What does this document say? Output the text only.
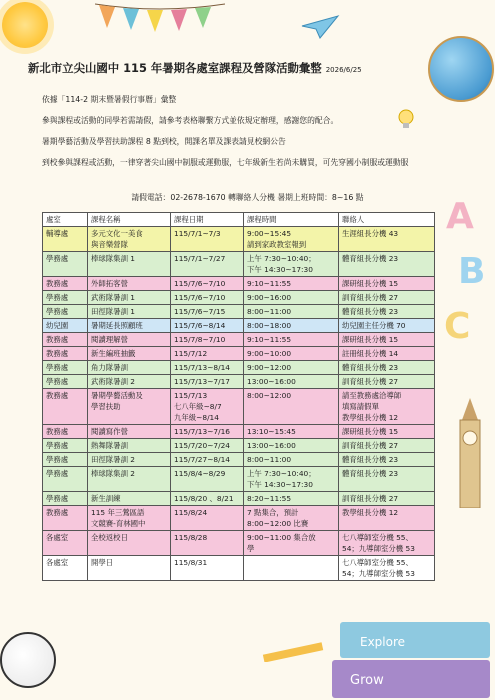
A
B
C
Explore
Grow
新北市立尖山國中 115 年暑期各處室課程及營隊活動彙整 2026/6/25
依據「114-2 期末暨暑假行事曆」彙整
參與課程或活動的同學若需請假，請參考表格聯繫方式並依規定辦理，感謝您的配合。
暑期學藝活動及學習扶助課程 8 點到校，開課名單及課表請見校網公告
到校參與課程或活動，一律穿著尖山國中制服或運動服，七年級新生若尚未購買，可先穿國小制服或運動服
請假電話：02-2678-1670 轉聯絡人分機 暑期上班時間：8~16 點
處室	課程名稱	課程日期	課程時間	聯絡人

輔導處	多元文化一美食
與音樂營隊	115/7/1~7/3	9:00~15:45
請到家政教室報到	生涯組長分機 43

學務處	棒球隊集訓 1	115/7/1~7/27	上午 7:30~10:40；
下午 14:30~17:30	體育組長分機 23

教務處	外師拓客營	115/7/6~7/10	9:10~11:55	課研組長分機 15

學務處	武術隊暑訓 1	115/7/6~7/10	9:00~16:00	訓育組長分機 27

學務處	田徑隊暑訓 1	115/7/6~7/15	8:00~11:00	體育組長分機 23

幼兒園	暑期延長照顧班	115/7/6~8/14	8:00~18:00	幼兒園主任分機 70

教務處	閱讀理解營	115/7/8~7/10	9:10~11:55	課研組長分機 15

教務處	新生編班抽籤	115/7/12	9:00~10:00	註冊組長分機 14

學務處	角力隊暑訓	115/7/13~8/14	9:00~12:00	體育組長分機 23

學務處	武術隊暑訓 2	115/7/13~7/17	13:00~16:00	訓育組長分機 27

教務處	暑期學藝活動及
學習扶助	115/7/13
七八年級~8/7
九年級~8/14	8:00~12:00	請至教務處洽導師
填寫請假單
教學組長分機 12

教務處	閱讀寫作營	115/7/13~7/16	13:10~15:45	課研組長分機 15

學務處	熱舞隊暑訓	115/7/20~7/24	13:00~16:00	訓育組長分機 27

學務處	田徑隊暑訓 2	115/7/27~8/14	8:00~11:00	體育組長分機 23

學務處	棒球隊集訓 2	115/8/4~8/29	上午 7:30~10:40；
下午 14:30~17:30	體育組長分機 23

學務處	新生訓練	115/8/20 、8/21	8:20~11:55	訓育組長分機 27

教務處	115 年三鶯區語
文競賽-育林國中	115/8/24	7 點集合，預計
8:00~12:00 比賽	教學組長分機 12

各處室	全校返校日	115/8/28	9:00~11:00 集合放
學	七八導師室分機 55、
54；九導師室分機 53

各處室	開學日	115/8/31		七八導師室分機 55、
54；九導師室分機 53
